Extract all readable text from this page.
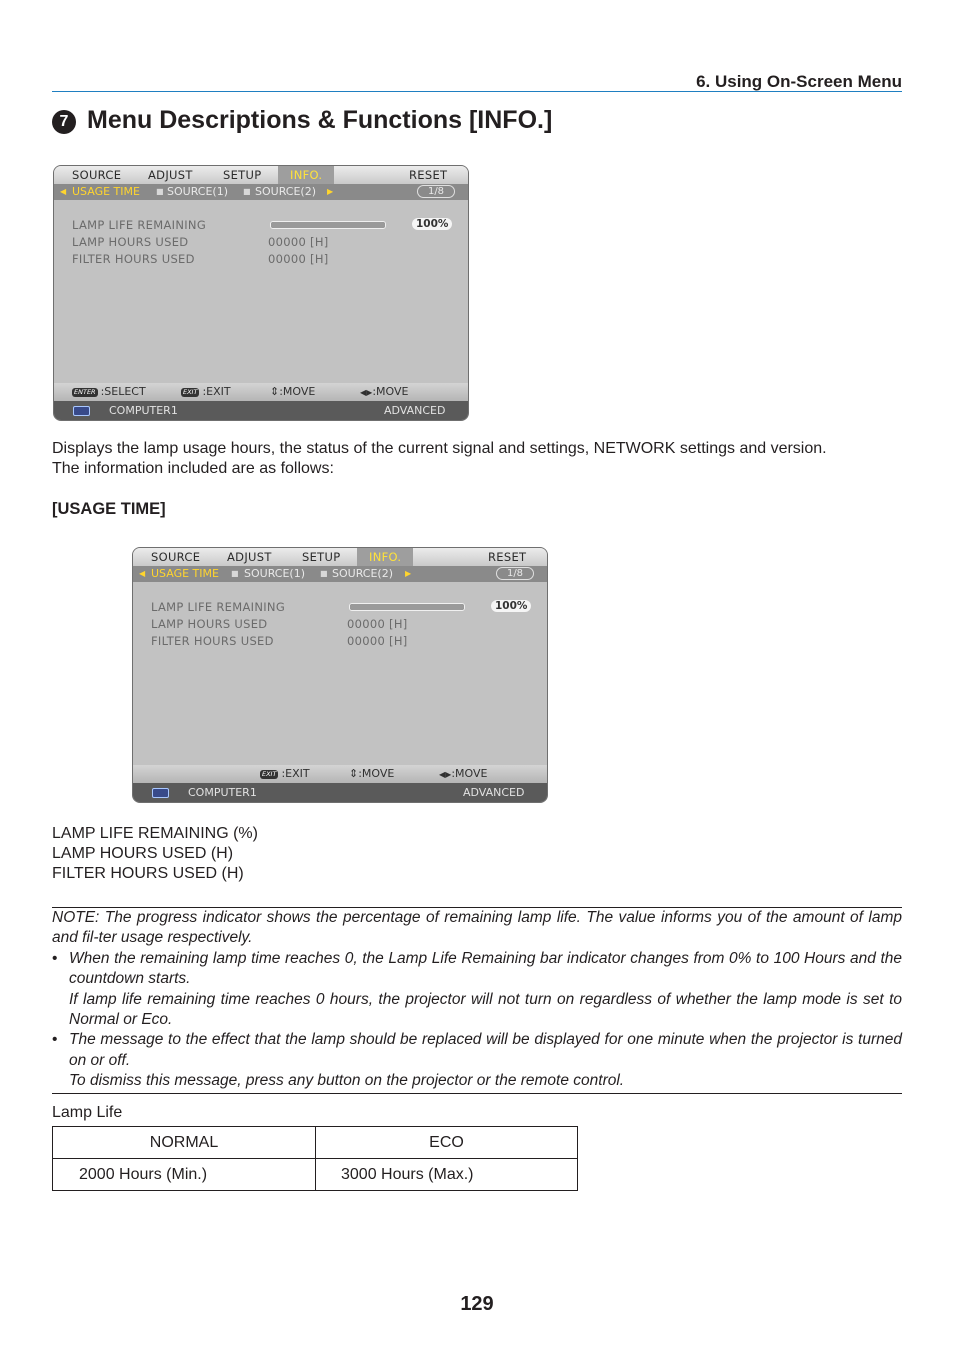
6. Using On-Screen Menu
7 Menu Descriptions & Functions [INFO.]
SOURCE ADJUST	SETUP	INFO.	RESET
◀ USAGE TIME ■ SOURCE(1) ■ SOURCE(2) ▶	1/8
LAMP LIFE REMAINING	100%
LAMP HOURS USED	00000 [H]
FILTER HOURS USED	00000 [H]
ENTER :SELECT	EXIT :EXIT	⇕:MOVE	◀▶:MOVE
COMPUTER1	ADVANCED
Displays the lamp usage hours, the status of the current signal and settings, NETWORK settings and version.
The information included are as follows:
[USAGE TIME]
SOURCE ADJUST	SETUP	INFO.	RESET
◀ USAGE TIME ■ SOURCE(1) ■ SOURCE(2) ▶	1/8
LAMP LIFE REMAINING	100%
LAMP HOURS USED	00000 [H]
FILTER HOURS USED	00000 [H]
EXIT :EXIT	⇕:MOVE	◀▶:MOVE
COMPUTER1	ADVANCED
LAMP LIFE REMAINING (%)
LAMP HOURS USED (H)
FILTER HOURS USED (H)

NOTE: The progress indicator shows the percentage of remaining lamp life. The value informs you of the amount of lamp and fil-ter usage respectively.

• When the remaining lamp time reaches 0, the Lamp Life Remaining bar indicator changes from 0% to 100 Hours and the countdown starts.

If lamp life remaining time reaches 0 hours, the projector will not turn on regardless of whether the lamp mode is set to Normal or Eco.

• The message to the effect that the lamp should be replaced will be displayed for one minute when the projector is turned on or off.

To dismiss this message, press any button on the projector or the remote control.

Lamp Life
NORMAL	ECO
2000 Hours (Min.)	3000 Hours (Max.)
129
